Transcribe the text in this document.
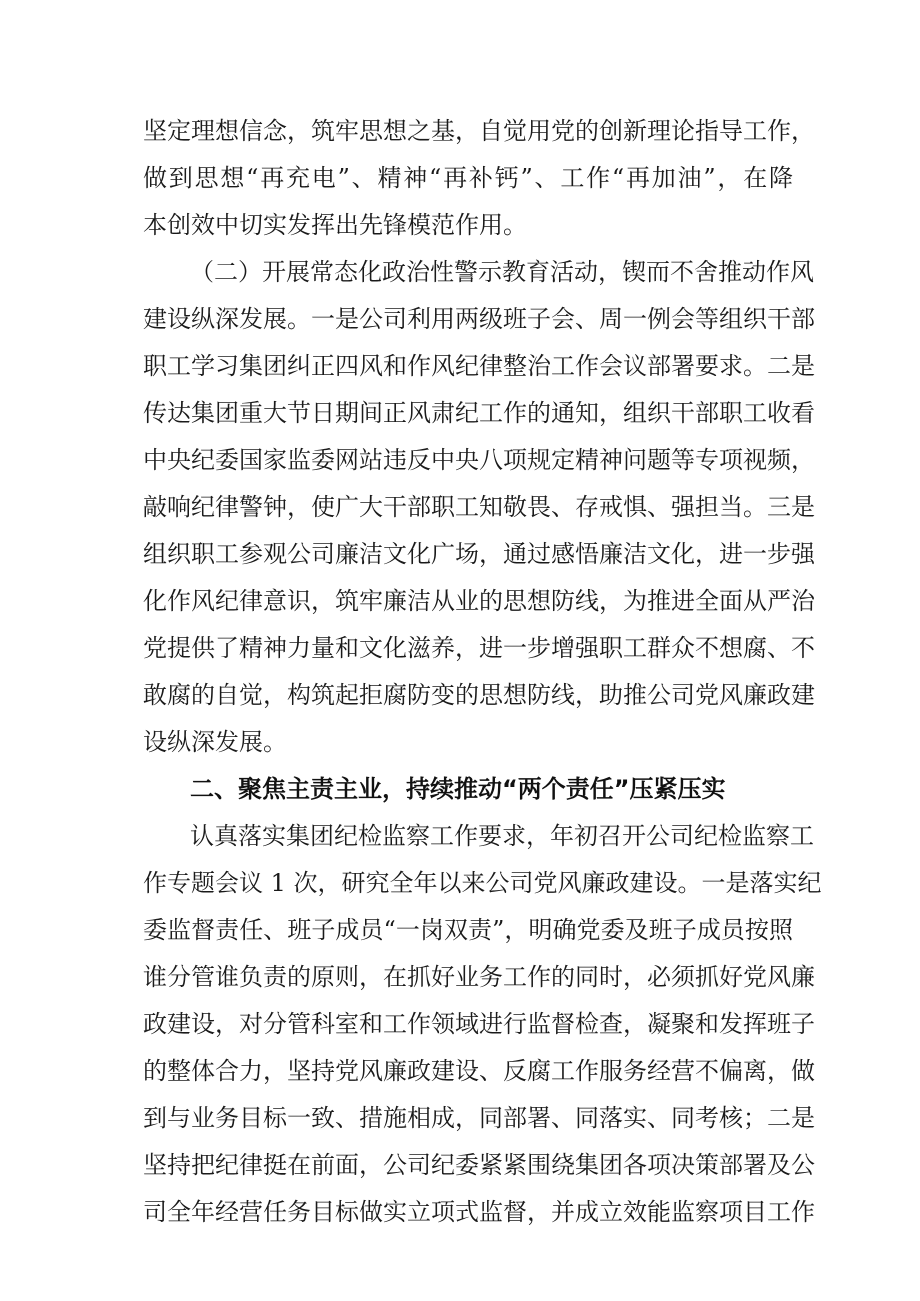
坚定理想信念，筑牢思想之基，自觉用党的创新理论指导工作，

做到思想“再充电”、精神“再补钙”、工作“再加油”，在降

本创效中切实发挥出先锋模范作用。

（二）开展常态化政治性警示教育活动，锲而不舍推动作风

建设纵深发展。一是公司利用两级班子会、周一例会等组织干部

职工学习集团纠正四风和作风纪律整治工作会议部署要求。二是

传达集团重大节日期间正风肃纪工作的通知，组织干部职工收看

中央纪委国家监委网站违反中央八项规定精神问题等专项视频，

敲响纪律警钟，使广大干部职工知敬畏、存戒惧、强担当。三是

组织职工参观公司廉洁文化广场，通过感悟廉洁文化，进一步强

化作风纪律意识，筑牢廉洁从业的思想防线，为推进全面从严治

党提供了精神力量和文化滋养，进一步增强职工群众不想腐、不

敢腐的自觉，构筑起拒腐防变的思想防线，助推公司党风廉政建

设纵深发展。

二、聚焦主责主业，持续推动“两个责任”压紧压实

认真落实集团纪检监察工作要求，年初召开公司纪检监察工

作专题会议 1 次，研究全年以来公司党风廉政建设。一是落实纪

委监督责任、班子成员“一岗双责”，明确党委及班子成员按照

谁分管谁负责的原则，在抓好业务工作的同时，必须抓好党风廉

政建设，对分管科室和工作领域进行监督检查，凝聚和发挥班子

的整体合力，坚持党风廉政建设、反腐工作服务经营不偏离，做

到与业务目标一致、措施相成，同部署、同落实、同考核；二是

坚持把纪律挺在前面，公司纪委紧紧围绕集团各项决策部署及公

司全年经营任务目标做实立项式监督，并成立效能监察项目工作
